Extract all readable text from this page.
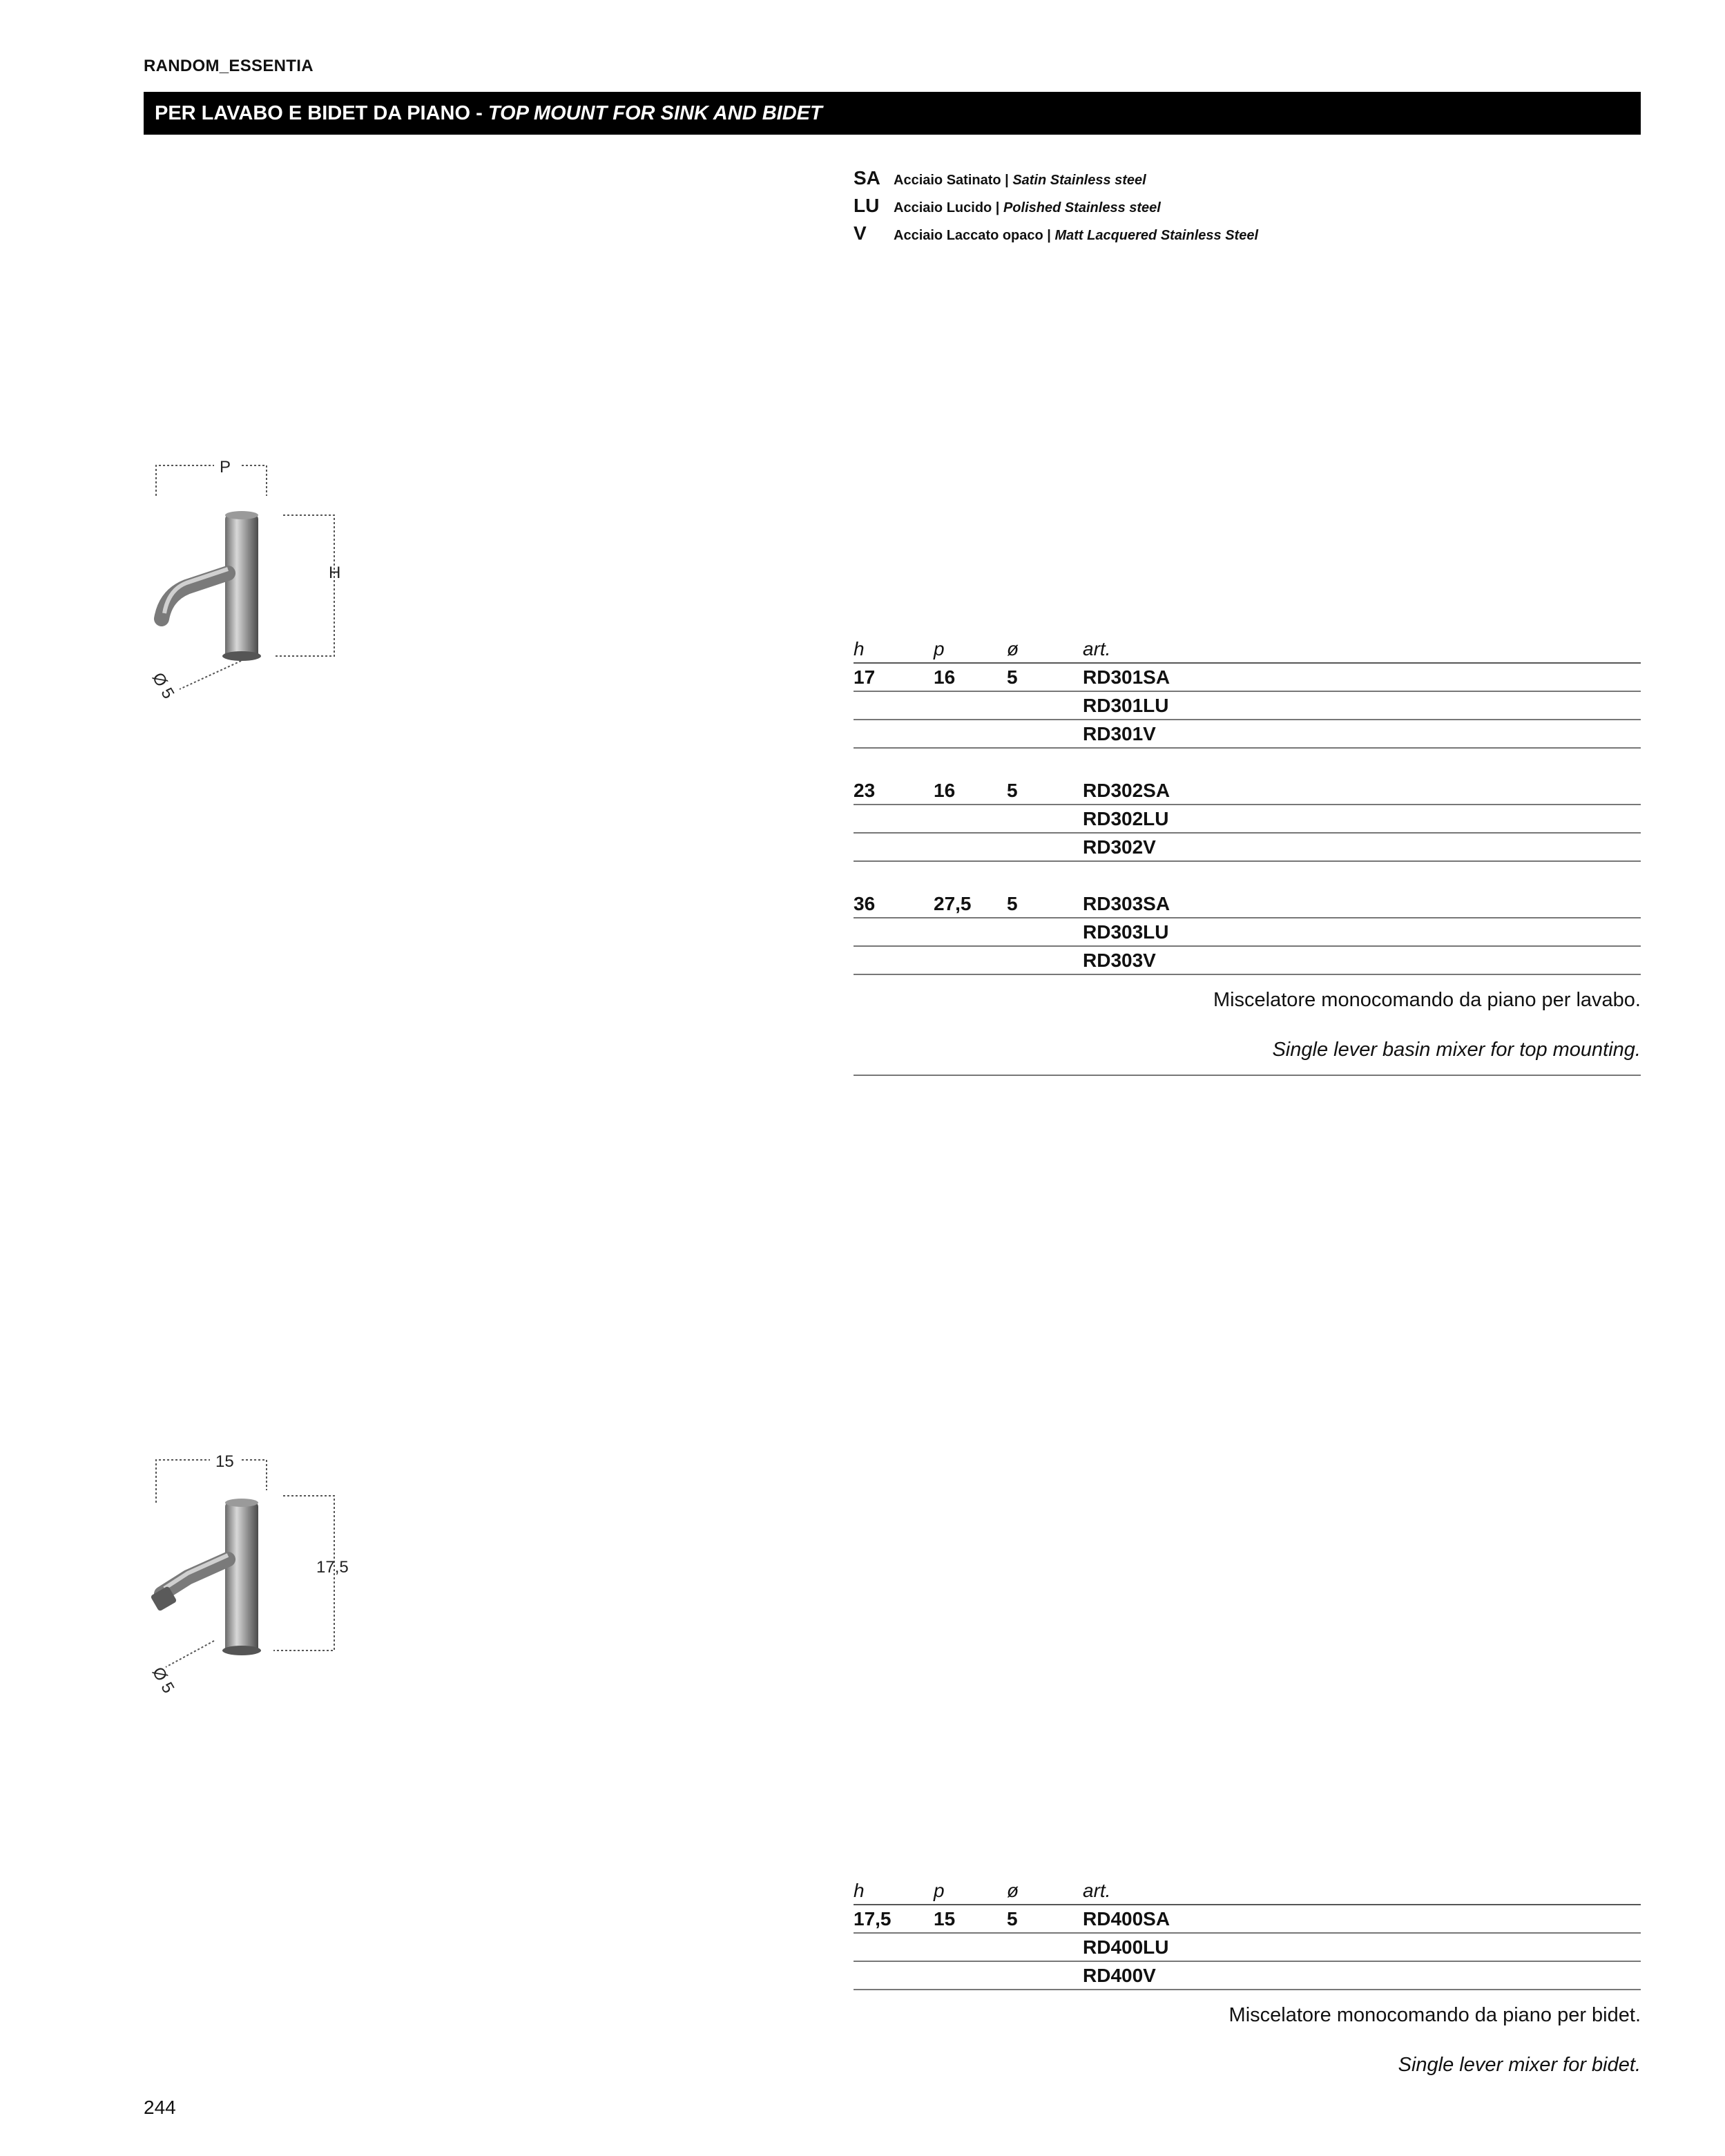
RANDOM_ESSENTIA
PER LAVABO E BIDET DA PIANO -
TOP MOUNT FOR SINK AND BIDET
SA Acciaio Satinato | Satin Stainless steel
LU	Acciaio Lucido | Polished Stainless steel
V	Acciaio Laccato opaco | Matt Lacquered Stainless Steel
P
H
Ø 5
15
17,5
Ø 5
h	p	ø	art.
17	16	5	RD301SA
RD301LU
RD301V
23	16	5	RD302SA
RD302LU
RD302V
36	27,5	5	RD303SA
RD303LU
RD303V
Miscelatore monocomando da piano per lavabo.
Single lever basin mixer for top mounting.
h	p	ø	art.
17,5	15	5	RD400SA
RD400LU
RD400V
Miscelatore monocomando da piano per bidet.
Single lever mixer for bidet.
244
